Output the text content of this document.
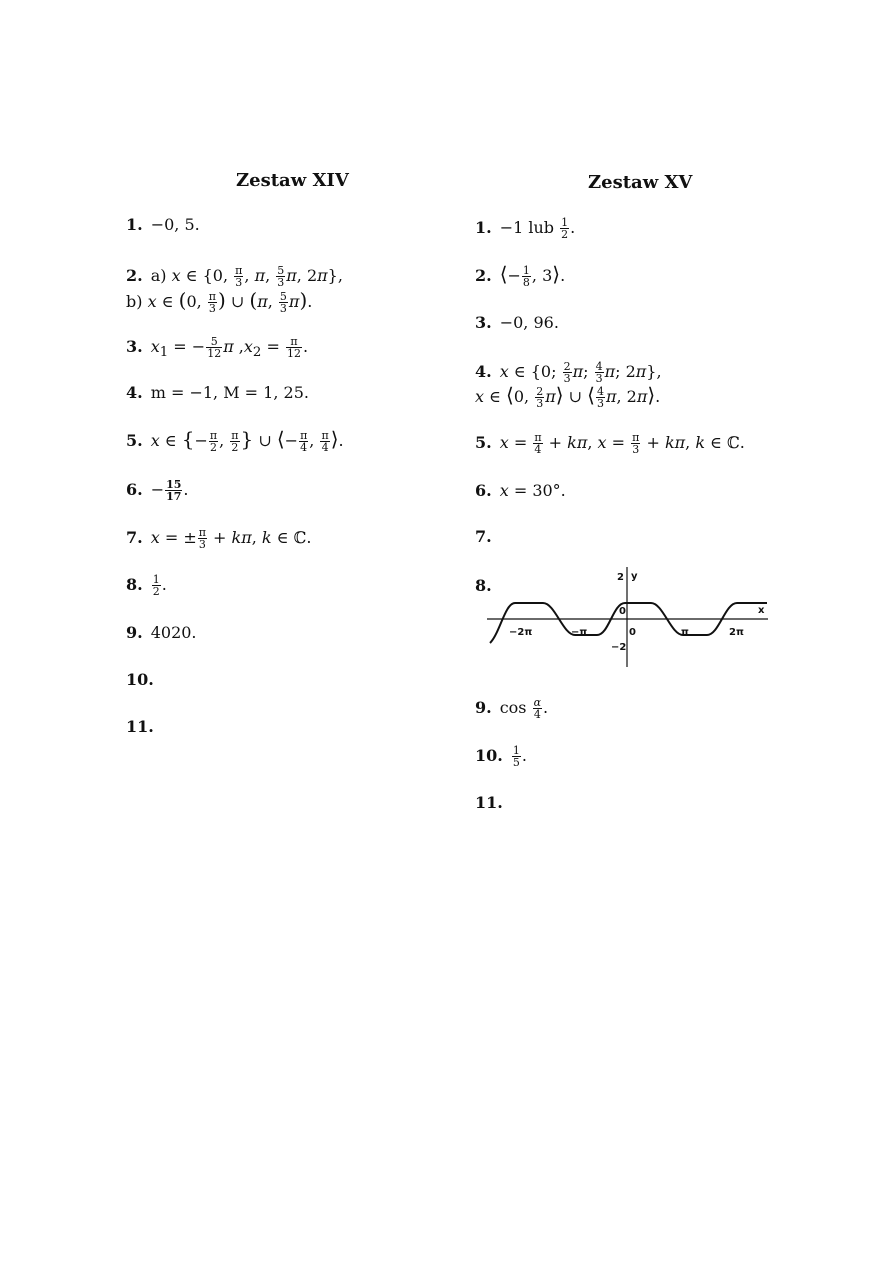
Zestaw XIV
1. −0, 5.
2. a) x ∈ {0, $\frac{\pi}{3}$ , π, $\frac{5}{3} \pi$, 2π},
b) x ∈ (0, $\frac{\pi}{3}$ ) ∪ (π, $\frac{5}{3} \pi$).
3. $x_1$ = − $\frac{5}{12}$ π $,x_2 = \frac{\pi}{12}$ .
4. m = −1, M = 1, 25.
5. x ∈ {− $\frac{\pi}{2}$ , $\frac{\pi}{2}$ } ∪ ⟨− $\frac{\pi}{4}$ , $\frac{\pi}{4}$ ⟩.
6. − $\frac{15}{17}$ .
7. x = ± $\frac{\pi}{3} + k\pi$, k ∈ ℂ.
8. $\frac{1}{2}$ .
9. 4020.
10.
11.
Zestaw XV
1. −1 lub $\frac{1}{2}$ .
2. ⟨− $\frac{1}{8}$ , 3⟩.
3. −0, 96.
4. x ∈ {0; $\frac{2}{3} \pi$; $\frac{4}{3} \pi$; 2π},
x ∈ ⟨0, $\frac{2}{3}$ π⟩ ∪ ⟨ $\frac{4}{3} \pi$, 2π⟩.
5. $x = \frac{\pi}{4} + k\pi$, $x = \frac{\pi}{3} + k\pi$, k ∈ ℂ.
6. x = 30°.
7.
8.	y
x
2
0
0
−2
−2π	−π	π	2π
9. $\cos \frac{\alpha}{4}$ .
10. $\frac{1}{5}$ .
11.
